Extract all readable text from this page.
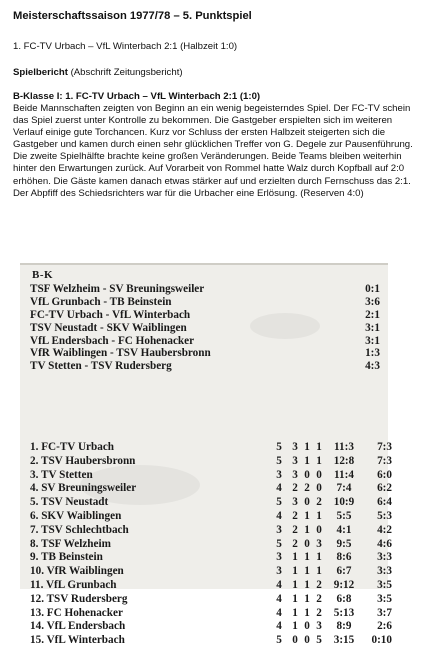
Meisterschaftssaison 1977/78 – 5. Punktspiel
1. FC-TV Urbach – VfL Winterbach 2:1 (Halbzeit 1:0)
Spielbericht (Abschrift Zeitungsbericht)
B-Klasse I: 1. FC-TV Urbach – VfL Winterbach 2:1 (1:0)
Beide Mannschaften zeigten von Beginn an ein wenig begeisterndes Spiel. Der FC-TV schein das Spiel zuerst unter Kontrolle zu bekommen. Die Gastgeber erspielten sich im weiteren Verlauf einige gute Torchancen. Kurz vor Schluss der ersten Halbzeit steigerten sich die Gastgeber und kamen durch einen sehr glücklichen Treffer von G. Degele zur Pausenführung. Die zweite Spielhälfte brachte keine großen Veränderungen. Beide Teams bleiben weiterhin hinter den Erwartungen zurück. Auf Vorarbeit von Rommel hatte Walz durch Kopfball auf 2:0 erhöhen. Die Gäste kamen danach etwas stärker auf und erzielten durch Fernschuss das 2:1. Der Abpfiff des Schiedsrichters war für die Urbacher eine Erlösung. (Reserven 4:0)
B-K
TSF Welzheim - SV Breuningsweiler	0:1
VfL Grunbach - TB Beinstein	3:6
FC-TV Urbach - VfL Winterbach	2:1
TSV Neustadt - SKV Waiblingen	3:1
VfL Endersbach - FC Hohenacker	3:1
VfR Waiblingen - TSV Haubersbronn	1:3
TV Stetten - TSV Rudersberg	4:3
1. FC-TV Urbach	5 3 1 1	11:3	7:3
2. TSV Haubersbronn	5 3 1 1	12:8	7:3
3. TV Stetten	3 3 0 0	11:4	6:0
4. SV Breuningsweiler	4 2 2 0	7:4	6:2
5. TSV Neustadt	5 3 0 2	10:9	6:4
6. SKV Waiblingen	4 2 1 1	5:5	5:3
7. TSV Schlechtbach	3 2 1 0	4:1	4:2
8. TSF Welzheim	5 2 0 3	9:5	4:6
9. TB Beinstein	3 1 1 1	8:6	3:3
10. VfR Waiblingen	3 1 1 1	6:7	3:3
11. VfL Grunbach	4 1 1 2	9:12	3:5
12. TSV Rudersberg	4 1 1 2	6:8	3:5
13. FC Hohenacker	4 1 1 2	5:13	3:7
14. VfL Endersbach	4 1 0 3	8:9	2:6
15. VfL Winterbach	5 0 0 5	3:15	0:10
